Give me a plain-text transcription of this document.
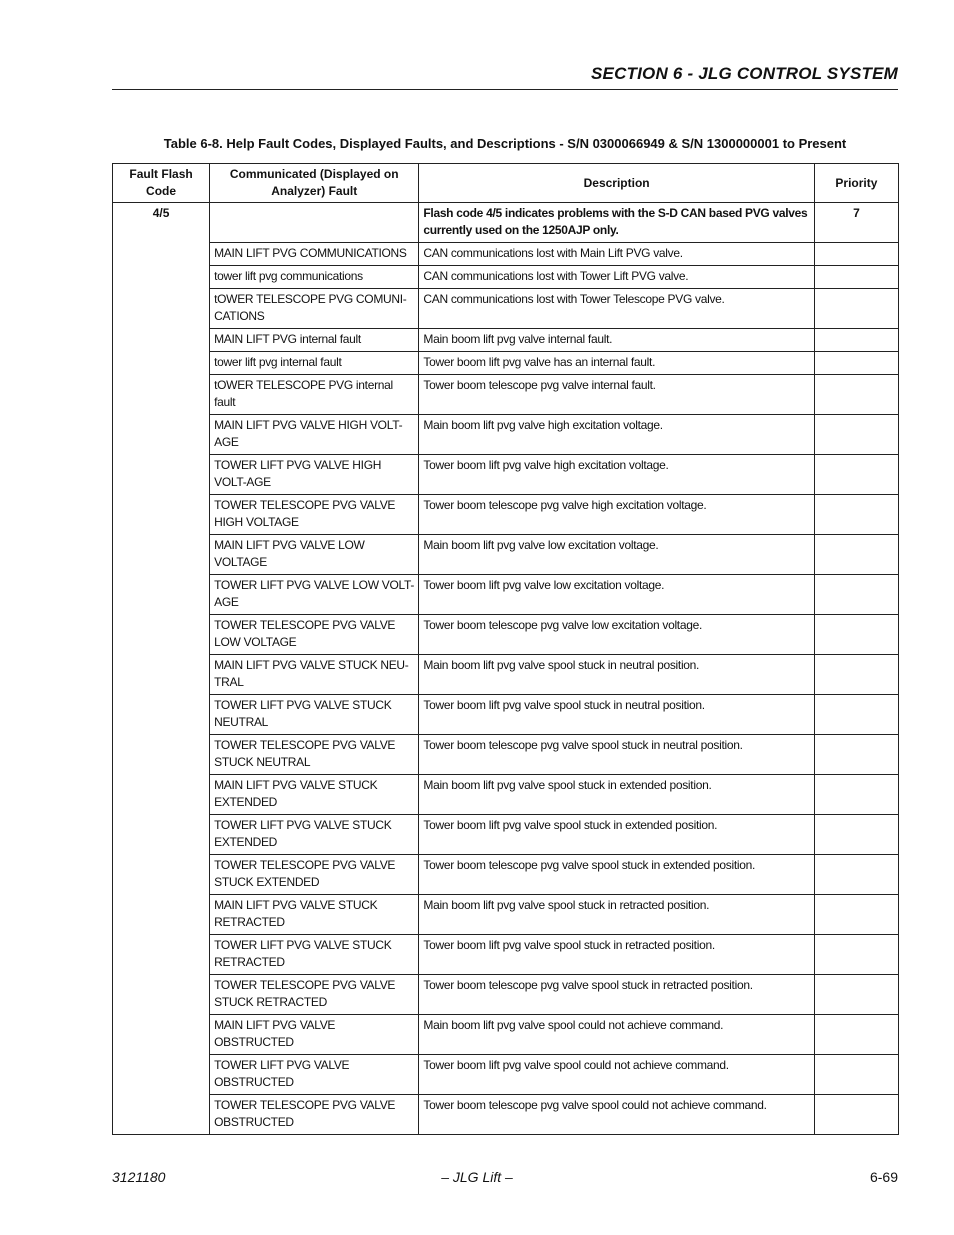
SECTION 6 - JLG CONTROL SYSTEM
Table 6-8. Help Fault Codes, Displayed Faults, and Descriptions - S/N 0300066949 & S/N 1300000001 to Present
Fault Flash Code	Communicated (Displayed on Analyzer) Fault	Description	Priority
4/5		Flash code 4/5 indicates problems with the S-D CAN based PVG valves currently used on the 1250AJP only.	7
	MAIN LIFT PVG COMMUNICATIONS	CAN communications lost with Main Lift PVG valve.	
	tower lift pvg communications	CAN communications lost with Tower Lift PVG valve.	
	tOWER TELESCOPE PVG COMUNI-CATIONS	CAN communications lost with Tower Telescope PVG valve.	
	MAIN LIFT PVG internal fault	Main boom lift pvg valve internal fault.	
	tower lift pvg internal fault	Tower boom lift pvg valve has an internal fault.	
	tOWER TELESCOPE PVG internal fault	Tower boom telescope pvg valve internal fault.	
	MAIN LIFT PVG VALVE HIGH VOLT-AGE	Main boom lift pvg valve high excitation voltage.	
	TOWER LIFT PVG VALVE HIGH VOLT-AGE	Tower boom lift pvg valve high excitation voltage.	
	TOWER TELESCOPE PVG VALVE HIGH VOLTAGE	Tower boom telescope pvg valve high excitation voltage.	
	MAIN LIFT PVG VALVE LOW VOLTAGE	Main boom lift pvg valve low excitation voltage.	
	TOWER LIFT PVG VALVE LOW VOLT-AGE	Tower boom lift pvg valve low excitation voltage.	
	TOWER TELESCOPE PVG VALVE LOW VOLTAGE	Tower boom telescope pvg valve low excitation voltage.	
	MAIN LIFT PVG VALVE STUCK NEU-TRAL	Main boom lift pvg valve spool stuck in neutral position.	
	TOWER LIFT PVG VALVE STUCK NEUTRAL	Tower boom lift pvg valve spool stuck in neutral position.	
	TOWER TELESCOPE PVG VALVE STUCK NEUTRAL	Tower boom telescope pvg valve spool stuck in neutral position.	
	MAIN LIFT PVG VALVE STUCK EXTENDED	Main boom lift pvg valve spool stuck in extended position.	
	TOWER LIFT PVG VALVE STUCK EXTENDED	Tower boom lift pvg valve spool stuck in extended position.	
	TOWER TELESCOPE PVG VALVE STUCK EXTENDED	Tower boom telescope pvg valve spool stuck in extended position.	
	MAIN LIFT PVG VALVE STUCK RETRACTED	Main boom lift pvg valve spool stuck in retracted position.	
	TOWER LIFT PVG VALVE STUCK RETRACTED	Tower boom lift pvg valve spool stuck in retracted position.	
	TOWER TELESCOPE PVG VALVE STUCK RETRACTED	Tower boom telescope pvg valve spool stuck in retracted position.	
	MAIN LIFT PVG VALVE OBSTRUCTED	Main boom lift pvg valve spool could not achieve command.	
	TOWER LIFT PVG VALVE OBSTRUCTED	Tower boom lift pvg valve spool could not achieve command.	
	TOWER TELESCOPE PVG VALVE OBSTRUCTED	Tower boom telescope pvg valve spool could not achieve command.	
3121180	– JLG Lift –	6-69
